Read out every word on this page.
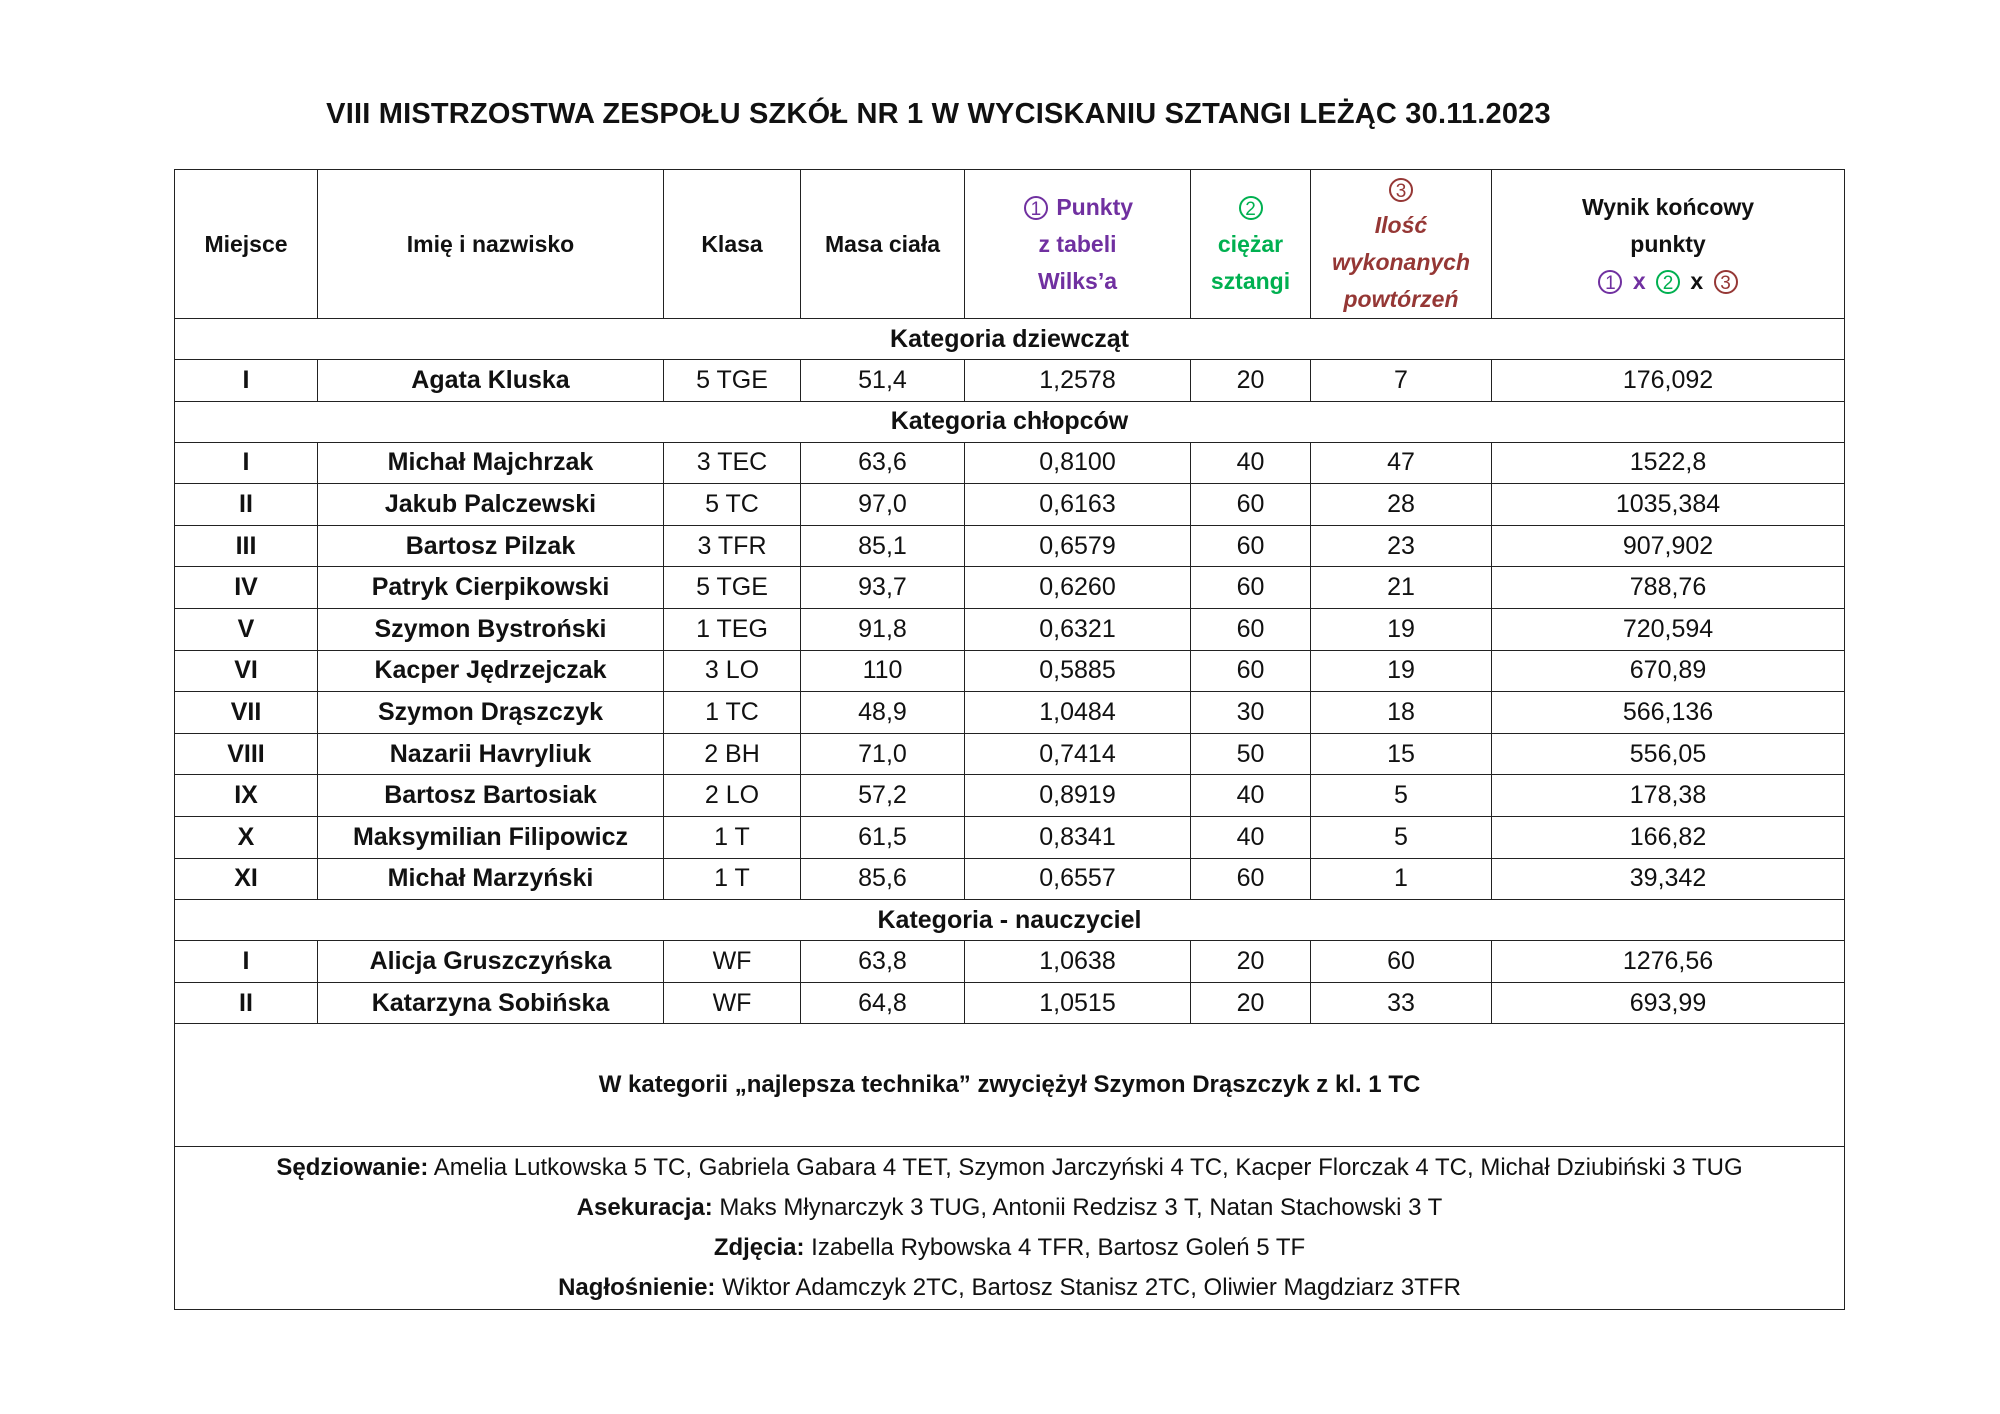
VIII MISTRZOSTWA ZESPOŁU SZKÓŁ NR 1 W WYCISKANIU SZTANGI LEŻĄC 30.11.2023
Miejsce	Imię i nazwisko	Klasa	Masa ciała	1 Punkty
z tabeli
Wilks’a	2
ciężar
sztangi	3
Ilość
wykonanych
powtórzeń	Wynik końcowy
punkty
1 x 2 x 3

Kategoria dziewcząt							
I	Agata Kluska	5 TGE	51,4	1,2578	20	7	176,092
Kategoria chłopców							
I	Michał Majchrzak	3 TEC	63,6	0,8100	40	47	1522,8
II	Jakub Palczewski	5 TC	97,0	0,6163	60	28	1035,384
III	Bartosz Pilzak	3 TFR	85,1	0,6579	60	23	907,902
IV	Patryk Cierpikowski	5 TGE	93,7	0,6260	60	21	788,76
V	Szymon Bystroński	1 TEG	91,8	0,6321	60	19	720,594
VI	Kacper Jędrzejczak	3 LO	110	0,5885	60	19	670,89
VII	Szymon Drąszczyk	1 TC	48,9	1,0484	30	18	566,136
VIII	Nazarii Havryliuk	2 BH	71,0	0,7414	50	15	556,05
IX	Bartosz Bartosiak	2 LO	57,2	0,8919	40	5	178,38
X	Maksymilian Filipowicz	1 T	61,5	0,8341	40	5	166,82
XI	Michał Marzyński	1 T	85,6	0,6557	60	1	39,342
Kategoria - nauczyciel							
I	Alicja Gruszczyńska	WF	63,8	1,0638	20	60	1276,56
II	Katarzyna Sobińska	WF	64,8	1,0515	20	33	693,99
W kategorii „najlepsza technika” zwyciężył Szymon Drąszczyk z kl. 1 TC							

Sędziowanie: Amelia Lutkowska 5 TC, Gabriela Gabara 4 TET, Szymon Jarczyński 4 TC, Kacper Florczak 4 TC, Michał Dziubiński 3 TUG
Asekuracja: Maks Młynarczyk 3 TUG, Antonii Redzisz 3 T, Natan Stachowski 3 T
Zdjęcia: Izabella Rybowska 4 TFR, Bartosz Goleń 5 TF
Nagłośnienie: Wiktor Adamczyk 2TC, Bartosz Stanisz 2TC, Oliwier Magdziarz 3TFR							
